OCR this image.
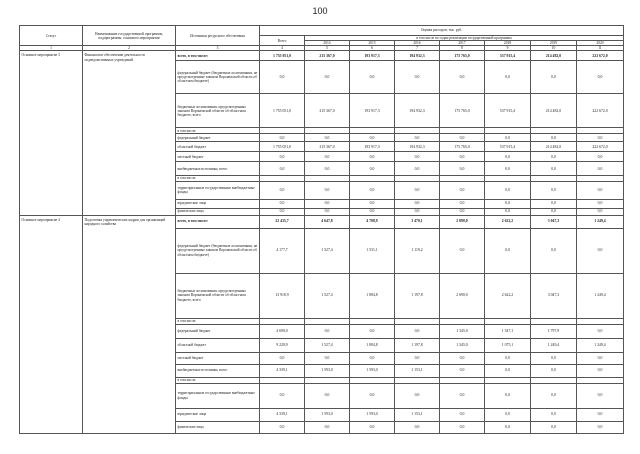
100
Статус	Наименование государственной программы, подпрограммы, основного мероприятия	Источники ресурсного обеспечения	Оценка расходов, тыс. руб.							
			Всего	в том числе по годам реализации государственной программы						
				2014	2015	2016	2017	2018	2019	2020
1	2	3	4	5	6	7	8	9	10	11
Основное мероприятие 3	Финансовое обеспечение деятельности подведомственных учреждений	всего, в том числе:	1 755 051,0	215 367,0	193 917,3	194 932,3	175 765,0	537 915,4	214 482,0	222 672,0
		федеральный бюджет (бюджетные ассигнования, не предусмотренные законом Воронежской области об областном бюджете)	0,0	0,0	0,0	0,0	0,0	0,0	0,0	0,0
		бюджетные ассигнования, предусмотренные законом Воронежской области об областном бюджете, всего	1 755 051,0	215 367,0	193 917,3	194 932,3	175 765,0	537 915,4	214 482,0	222 672,0
		в том числе:								
		федеральный бюджет	0,0	0,0	0,0	0,0	0,0	0,0	0,0	0,0
		областной бюджет	1 755 051,0	215 367,0	193 917,3	194 932,3	175 765,0	537 915,4	214 482,0	222 672,0
		местный бюджет	0,0	0,0	0,0	0,0	0,0	0,0	0,0	0,0
		внебюджетные источники, всего	0,0	0,0	0,0	0,0	0,0	0,0	0,0	0,0
		в том числе:								
		территориальные государственные внебюджетные фонды	0,0	0,0	0,0	0,0	0,0	0,0	0,0	0,0
		юридические лица	0,0	0,0	0,0	0,0	0,0	0,0	0,0	0,0
		физические лица	0,0	0,0	0,0	0,0	0,0	0,0	0,0	0,0
Основное мероприятие 4	Подготовка управленческих кадров для организаций народного хозяйства	всего, в том числе:	22 435,7	4 647,8	4 708,9	3 470,1	2 890,0	2 622,2	3 047,3	1 249,4
		федеральный бюджет (бюджетные ассигнования, не предусмотренные законом Воронежской области об областном бюджете)	4 177,7	1 527,4	1 531,1	1 119,2	0,0	0,0	0,0	0,0
		бюджетные ассигнования, предусмотренные законом Воронежской области об областном бюджете, всего	13 918,9	1 527,4	1 884,8	1 197,8	2 690,0	2 622,2	3 047,3	1 249,4
		в том числе:								
		федеральный бюджет	4 690,0	0,0	0,0	0,0	1 345,0	1 547,1	1 797,9	0,0
		областной бюджет	9 228,9	1 527,4	1 884,8	1 197,8	1 345,0	1 075,1	1 249,4	1 249,4
		местный бюджет	0,0	0,0	0,0	0,0	0,0	0,0	0,0	0,0
		внебюджетные источники, всего	4 339,1	1 593,0	1 593,0	1 153,1	0,0	0,0	0,0	0,0
		в том числе:								
		территориальные государственные внебюджетные фонды	0,0	0,0	0,0	0,0	0,0	0,0	0,0	0,0
		юридические лица	4 339,1	1 593,0	1 593,0	1 153,1	0,0	0,0	0,0	0,0
		физические лица	0,0	0,0	0,0	0,0	0,0	0,0	0,0	0,0
